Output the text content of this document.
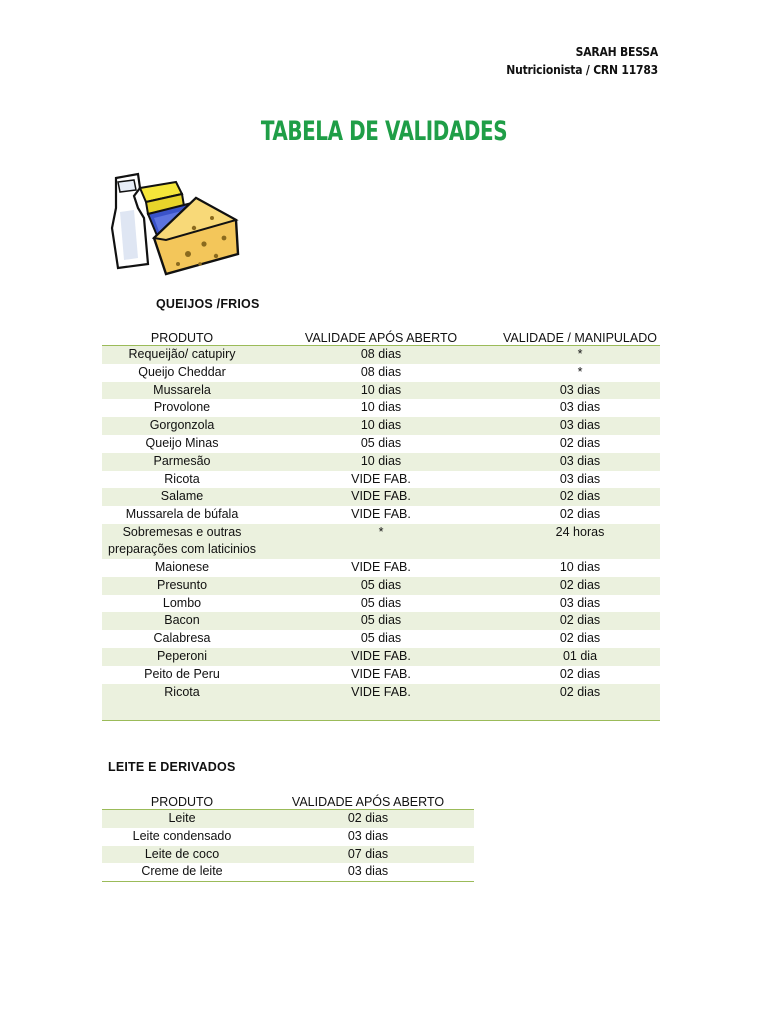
SARAH BESSA
Nutricionista / CRN 11783
TABELA DE VALIDADES
QUEIJOS /FRIOS
PRODUTO	VALIDADE APÓS ABERTO	VALIDADE / MANIPULADO
Requeijão/ catupiry	08 dias	*
Queijo Cheddar	08 dias	*
Mussarela	10 dias	03 dias
Provolone	10 dias	03 dias
Gorgonzola	10 dias	03 dias
Queijo Minas	05 dias	02 dias
Parmesão	10 dias	03 dias
Ricota	VIDE FAB.	03 dias
Salame	VIDE FAB.	02 dias
Mussarela de búfala	VIDE FAB.	02 dias
Sobremesas e outras preparações com laticinios	*	24 horas
Maionese	VIDE FAB.	10 dias
Presunto	05 dias	02 dias
Lombo	05 dias	03 dias
Bacon	05 dias	02 dias
Calabresa	05 dias	02 dias
Peperoni	VIDE FAB.	01 dia
Peito de Peru	VIDE FAB.	02 dias
Ricota	VIDE FAB.	02 dias
LEITE E DERIVADOS
PRODUTO	VALIDADE APÓS ABERTO
Leite	02 dias
Leite condensado	03 dias
Leite de coco	07 dias
Creme de leite	03 dias
